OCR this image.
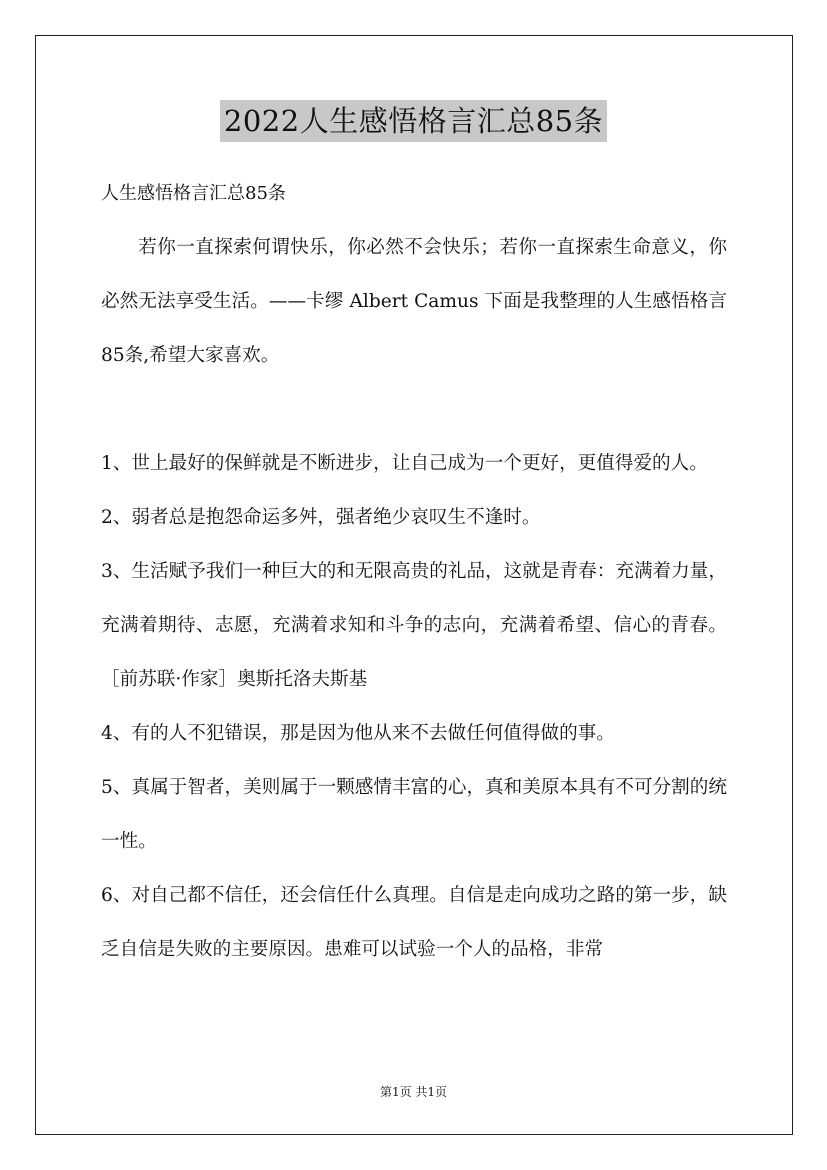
2022人生感悟格言汇总85条

人生感悟格言汇总85条

若你一直探索何谓快乐，你必然不会快乐；若你一直探索生命意义，你必然无法享受生活。——卡缪 Albert Camus 下面是我整理的人生感悟格言85条,希望大家喜欢。

1、世上最好的保鲜就是不断进步，让自己成为一个更好，更值得爱的人。

2、弱者总是抱怨命运多舛，强者绝少哀叹生不逢时。

3、生活赋予我们一种巨大的和无限高贵的礼品，这就是青春：充满着力量，充满着期待、志愿，充满着求知和斗争的志向，充满着希望、信心的青春。［前苏联·作家］奥斯托洛夫斯基

4、有的人不犯错误，那是因为他从来不去做任何值得做的事。

5、真属于智者，美则属于一颗感情丰富的心，真和美原本具有不可分割的统一性。

6、对自己都不信任，还会信任什么真理。自信是走向成功之路的第一步，缺乏自信是失败的主要原因。患难可以试验一个人的品格，非常

第1页 共1页
